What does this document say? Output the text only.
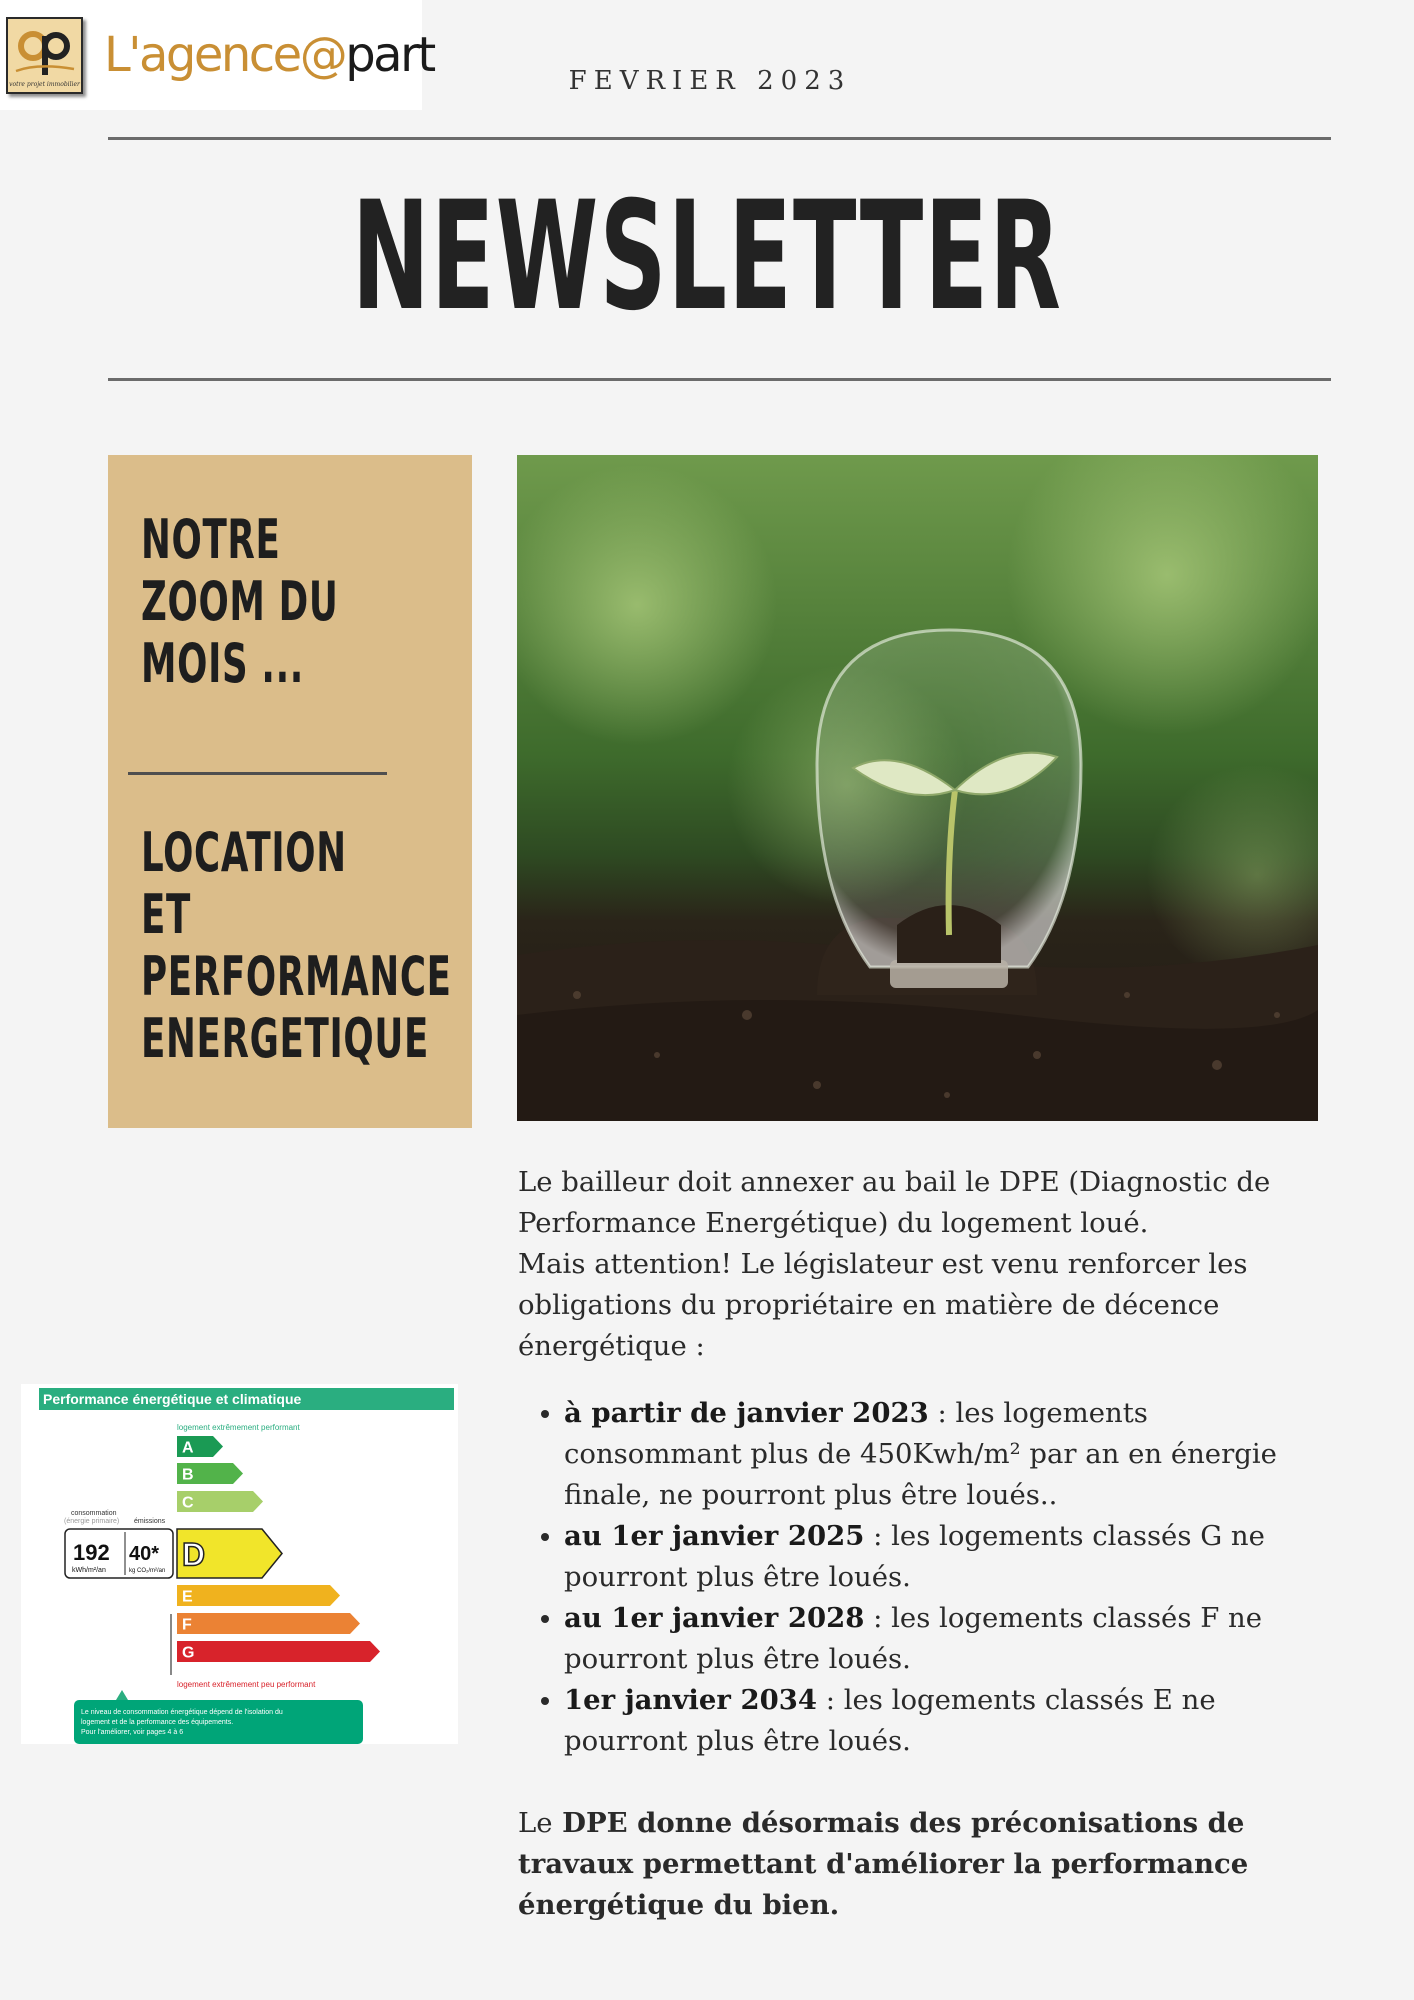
votre projet immobilier
L'agence@part	FEVRIER 2023
NEWSLETTER
NOTRE ZOOM DU MOIS ...
LOCATION ET PERFORMANCE ENERGETIQUE

Le bailleur doit annexer au bail le DPE (Diagnostic de Performance Energétique) du logement loué.

Mais attention! Le législateur est venu renforcer les obligations du propriétaire en matière de décence énergétique :

• à partir de janvier 2023 : les logements consommant plus de 450Kwh/m² par an en énergie finale, ne pourront plus être loués..
• au 1er janvier 2025 : les logements classés G ne pourront plus être loués.
• au 1er janvier 2028 : les logements classés F ne pourront plus être loués.
• 1er janvier 2034 : les logements classés E ne pourront plus être loués.

Le DPE donne désormais des préconisations de travaux permettant d'améliorer la performance énergétique du bien.

Performance énergétique et climatique
logement extrêmement performant
A
B
C
D
E
F
G
consommation
(énergie primaire) émissions
192
kWh/m²/an
40*
kg CO₂/m²/an
logement extrêmement peu performant
Le niveau de consommation énergétique dépend de l'isolation du
logement et de la performance des équipements.
Pour l'améliorer, voir pages 4 à 6
